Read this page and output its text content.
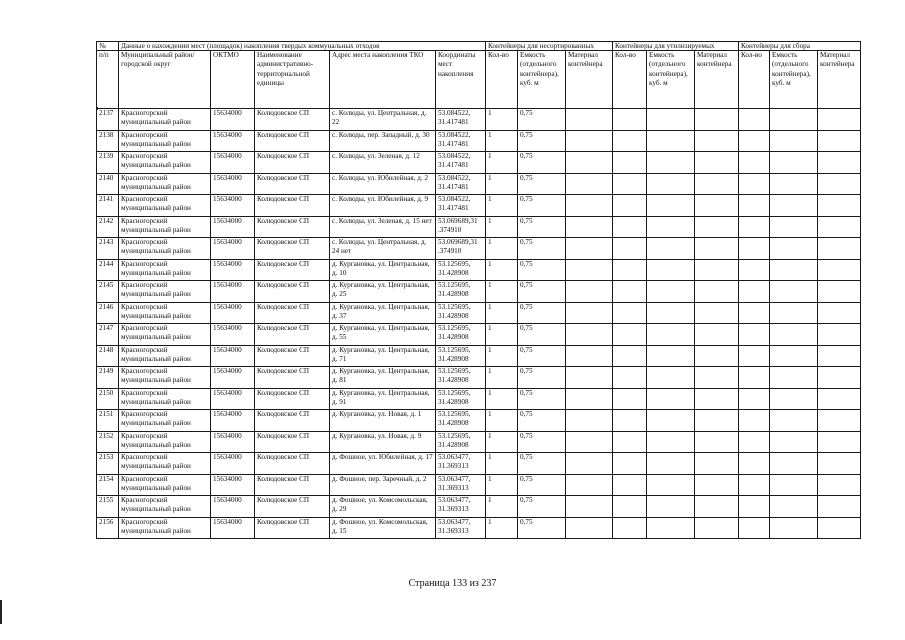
№	Данные о нахождении мест (площадок) накопления твердых коммунальных отходов					Контейнеры для несортированных			Контейнеры для утилизируемых			Контейнеры для сбора		
п/п	Муниципальный район/городской округ	ОКТМО	Наименование административно-территориальной единицы	Адрес места накопления ТКО	Координаты мест накопления	Кол-во	Емкость (отдельного контейнера), куб. м	Материал контейнера	Кол-во	Емкость (отдельного контейнера), куб. м	Материал контейнера	Кол-во	Емкость (отдельного контейнера), куб. м	Материал контейнера
2137	Красногорский муниципальный район	15634000	Колюдовское СП	с. Колюды, ул. Центральная, д. 22	53.084522, 31.417481	1	0,75							
2138	Красногорский муниципальный район	15634000	Колюдовское СП	с. Колюды, пер. Западный, д. 30	53.084522, 31.417481	1	0,75							
2139	Красногорский муниципальный район	15634000	Колюдовское СП	с. Колюды, ул. Зеленая, д. 12	53.084522, 31.417481	1	0,75							
2140	Красногорский муниципальный район	15634000	Колюдовское СП	с. Колюды, ул. Юбилейная, д. 2	53.084522, 31.417481	1	0,75							
2141	Красногорский муниципальный район	15634000	Колюдовское СП	с. Колюды, ул. Юбилейная, д. 9	53.084522, 31.417481	1	0,75							
2142	Красногорский муниципальный район	15634000	Колюдовское СП	с. Колюды, ул. Зеленая, д. 15 нет	53.069689,31 .374910	1	0,75							
2143	Красногорский муниципальный район	15634000	Колюдовское СП	с. Колюды, ул. Центральная, д. 24 нет	53.069689,31 .374910	1	0,75							
2144	Красногорский муниципальный район	15634000	Колюдовское СП	д. Кургановка, ул. Центральная, д. 10	53.125695, 31.428908	1	0,75							
2145	Красногорский муниципальный район	15634000	Колюдовское СП	д. Кургановка, ул. Центральная, д. 25	53.125695, 31.428908	1	0,75							
2146	Красногорский муниципальный район	15634000	Колюдовское СП	д. Кургановка, ул. Центральная, д. 37	53.125695, 31.428908	1	0,75							
2147	Красногорский муниципальный район	15634000	Колюдовское СП	д. Кургановка, ул. Центральная, д. 55	53.125695, 31.428908	1	0,75							
2148	Красногорский муниципальный район	15634000	Колюдовское СП	д. Кургановка, ул. Центральная, д. 71	53.125695, 31.428908	1	0,75							
2149	Красногорский муниципальный район	15634000	Колюдовское СП	д. Кургановка, ул. Центральная, д. 81	53.125695, 31.428908	1	0,75							
2150	Красногорский муниципальный район	15634000	Колюдовское СП	д. Кургановка, ул. Центральная, д. 91	53.125695, 31.428908	1	0,75							
2151	Красногорский муниципальный район	15634000	Колюдовское СП	д. Кургановка, ул. Новая, д. 1	53.125695, 31.428908	1	0,75							
2152	Красногорский муниципальный район	15634000	Колюдовское СП	д. Кургановка, ул. Новая, д. 9	53.125695, 31.428908	1	0,75							
2153	Красногорский муниципальный район	15634000	Колюдовское СП	д. Фошное, ул. Юбилейная, д. 17	53.063477, 31.369313	1	0,75							
2154	Красногорский муниципальный район	15634000	Колюдовское СП	д. Фошное, пер. Заречный, д. 2	53.063477, 31.369313	1	0,75							
2155	Красногорский муниципальный район	15634000	Колюдовское СП	д. Фошное, ул. Комсомольская, д. 29	53.063477, 31.369313	1	0,75							
2156	Красногорский муниципальный район	15634000	Колюдовское СП	д. Фошное, ул. Комсомольская, д. 15	53.063477, 31.369313	1	0,75							
Страница 133 из 237
